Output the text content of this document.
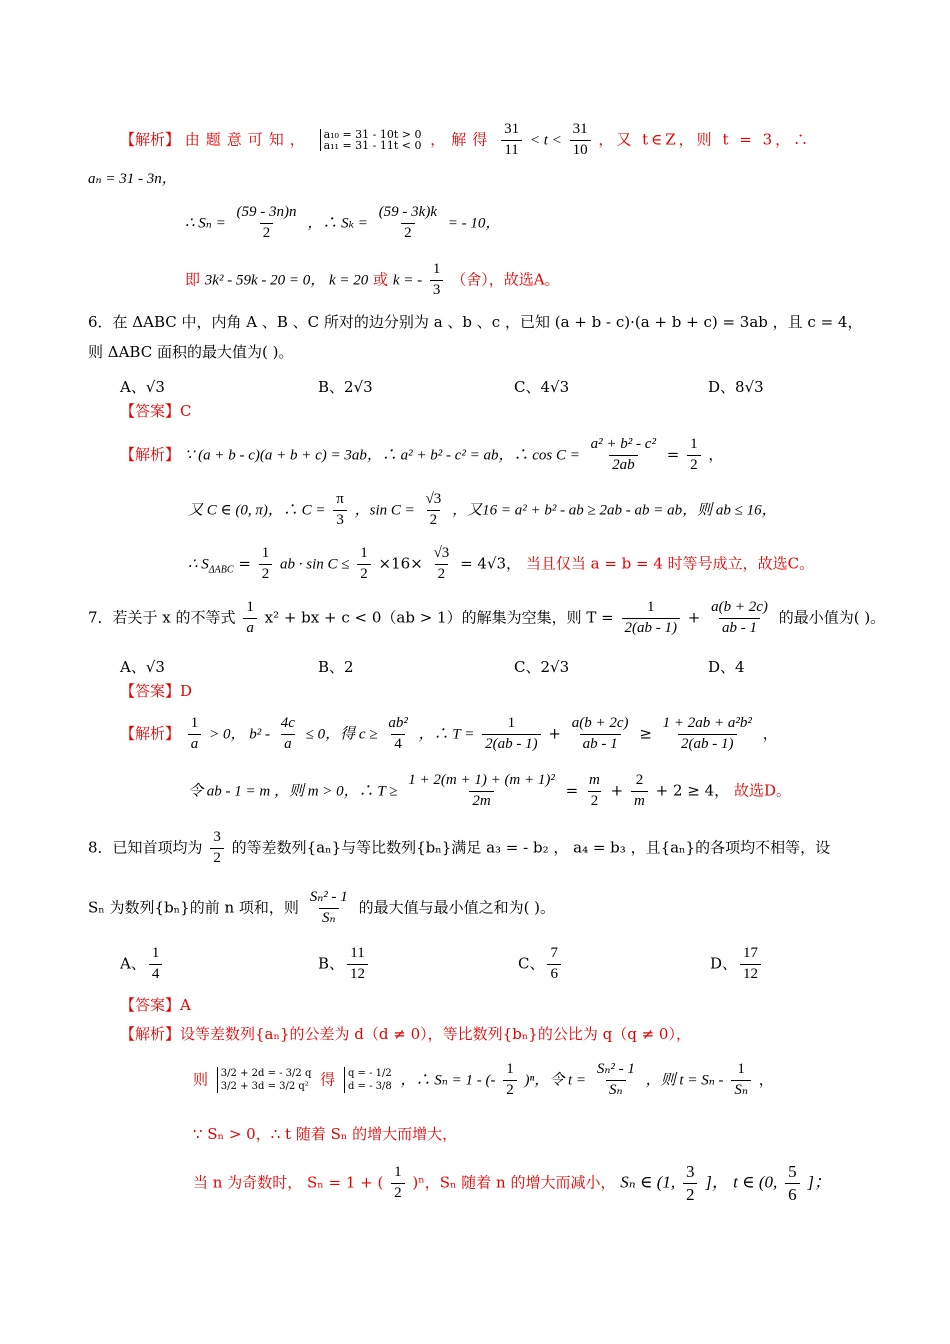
【解析】 由题意可知， a₁₀ = 31 - 10t > 0
a₁₁ = 31 - 11t < 0 ，解得 $\frac{31}{11} < t < \frac{31}{10}$ ，又 t∈Z，则 t = 3，∴
aₙ = 31 - 3n，
∴ $S_n = \frac{(59 - 3n)n}{2}$ ，∴ $S_k = \frac{(59 - 3k)k}{2}$ = - 10，
即 3k² - 59k - 20 = 0， k = 20 或 k = - $\frac{1}{3}$ （舍），故选A。
6．在 ΔABC 中，内角 A 、B 、C 所对的边分别为 a 、b 、c ，已知 (a + b - c)·(a + b + c) = 3ab ，且 c = 4，
则 ΔABC 面积的最大值为( )。
A、√3	B、2√3	C、4√3	D、8√3
【答案】C
【解析】 ∵ (a + b - c)(a + b + c) = 3ab，∴ a² + b² - c² = ab，∴ $\cos C = \frac{\text{a² + b² - c²}}{2ab} = \frac{1}{2}$ ，
又 C ∈ (0, π)，∴ $C = \frac{\pi}{3}$ ，$\sin C = \frac{√3}{2}$ ，又16 = a² + b² - ab ≥ 2ab - ab = ab，则 ab ≤ 16，
∴ $S_{\Delta ABC} = \frac{1}{2}$ ab · $\sin C \le \frac{1}{2} \times 16\times \frac{√3}{2} = 4√3$， 当且仅当 a = b = 4 时等号成立，故选C。
7．若关于 x 的不等式 $\frac{1}{a} x^2$ + bx + c < 0（ab > 1）的解集为空集，则 $T = \frac{1}{2(ab - 1)} + \frac{a(b + 2c)}{ab - 1}$ 的最小值为( )。
A、√3	B、2	C、2√3	D、4
【答案】D
【解析】 $\frac{1}{a} > 0$， $b^2 - \frac{4c}{a} \le 0$，得 $c \ge \frac{\text{ab²}}{4}$ ，∴ $T = \frac{1}{2(ab - 1)} + \frac{a(b + 2c)}{ab - 1} \ge \frac{\text{1 + 2ab + a²b²}}{2(ab - 1)}$ ，
令 ab - 1 = m ，则 m > 0，∴ $T \ge \frac{\text{1 + 2(m + 1) + (m + 1)²}}{2m} = \frac{m}{2} + \frac{2}{m} + 2 \ge 4$， 故选D。
8．已知首项均为 $\frac{3}{2}$ 的等差数列{aₙ}与等比数列{bₙ}满足 a₃ = - b₂ ， a₄ = b₃ ，且{aₙ}的各项均不相等，设
Sₙ 为数列{bₙ}的前 n 项和，则 $\frac{\text{Sₙ² - 1}}{\text{Sₙ}}$ 的最大值与最小值之和为( )。
A、 $\frac{1}{4}$	B、 $\frac{11}{12}$	C、 $\frac{7}{6}$	D、 $\frac{17}{12}$
【答案】A
【解析】设等差数列{aₙ}的公差为 d（d ≠ 0），等比数列{bₙ}的公比为 q（q ≠ 0），
则 3/2 + 2d = - 3/2 q
3/2 + 3d = 3/2 q² 得 q = - 1/2
d = - 3/8 ，∴ Sₙ = 1 - (- $\frac{1}{2} )^n$，令 $t = \frac{\text{Sₙ² - 1}}{\text{Sₙ}}$ ，则 $t = S_n - \frac{1}{\text{Sₙ}}$ ，
∵ Sₙ > 0，∴ t 随着 Sₙ 的增大而增大，
当 n 为奇数时， Sₙ = 1 + ( $\frac{1}{2} )^n$，Sₙ 随着 n 的增大而减小， Sₙ ∈ (1, $\frac{3}{2}$ ]， t ∈ (0, $\frac{5}{6}$ ]；
